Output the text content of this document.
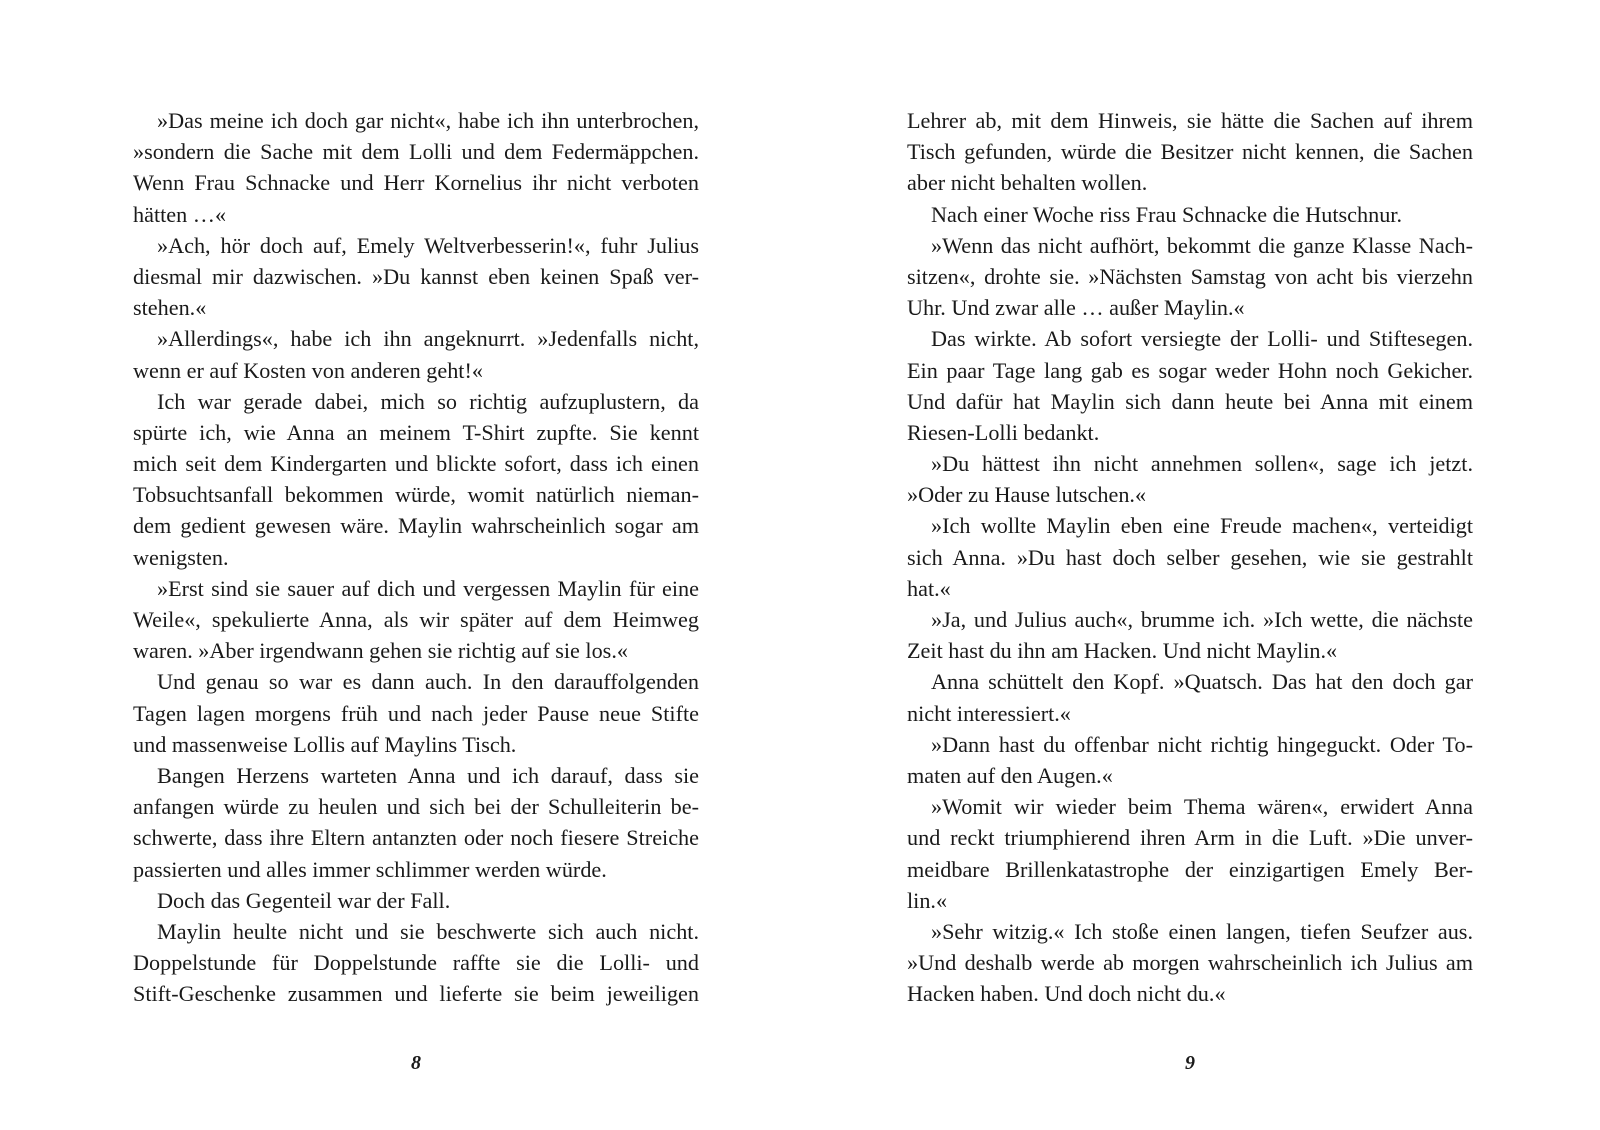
»Das meine ich doch gar nicht«, habe ich ihn unterbrochen,
»sondern die Sache mit dem Lolli und dem Federmäppchen.
Wenn Frau Schnacke und Herr Kornelius ihr nicht verboten
hätten …«
»Ach, hör doch auf, Emely Weltverbesserin!«, fuhr Julius
diesmal mir dazwischen. »Du kannst eben keinen Spaß ver-
stehen.«
»Allerdings«, habe ich ihn angeknurrt. »Jedenfalls nicht,
wenn er auf Kosten von anderen geht!«
Ich war gerade dabei, mich so richtig aufzuplustern, da
spürte ich, wie Anna an meinem T-Shirt zupfte. Sie kennt
mich seit dem Kindergarten und blickte sofort, dass ich einen
Tobsuchtsanfall bekommen würde, womit natürlich nieman-
dem gedient gewesen wäre. Maylin wahrscheinlich sogar am
wenigsten.
»Erst sind sie sauer auf dich und vergessen Maylin für eine
Weile«, spekulierte Anna, als wir später auf dem Heimweg
waren. »Aber irgendwann gehen sie richtig auf sie los.«
Und genau so war es dann auch. In den darauffolgenden
Tagen lagen morgens früh und nach jeder Pause neue Stifte
und massenweise Lollis auf Maylins Tisch.
Bangen Herzens warteten Anna und ich darauf, dass sie
anfangen würde zu heulen und sich bei der Schulleiterin be-
schwerte, dass ihre Eltern antanzten oder noch fiesere Streiche
passierten und alles immer schlimmer werden würde.
Doch das Gegenteil war der Fall.
Maylin heulte nicht und sie beschwerte sich auch nicht.
Doppelstunde für Doppelstunde raffte sie die Lolli- und
Stift-Geschenke zusammen und lieferte sie beim jeweiligen
8
Lehrer ab, mit dem Hinweis, sie hätte die Sachen auf ihrem
Tisch gefunden, würde die Besitzer nicht kennen, die Sachen
aber nicht behalten wollen.
Nach einer Woche riss Frau Schnacke die Hutschnur.
»Wenn das nicht aufhört, bekommt die ganze Klasse Nach-
sitzen«, drohte sie. »Nächsten Samstag von acht bis vierzehn
Uhr. Und zwar alle … außer Maylin.«
Das wirkte. Ab sofort versiegte der Lolli- und Stiftesegen.
Ein paar Tage lang gab es sogar weder Hohn noch Gekicher.
Und dafür hat Maylin sich dann heute bei Anna mit einem
Riesen-Lolli bedankt.
»Du hättest ihn nicht annehmen sollen«, sage ich jetzt.
»Oder zu Hause lutschen.«
»Ich wollte Maylin eben eine Freude machen«, verteidigt
sich Anna. »Du hast doch selber gesehen, wie sie gestrahlt
hat.«
»Ja, und Julius auch«, brumme ich. »Ich wette, die nächste
Zeit hast du ihn am Hacken. Und nicht Maylin.«
Anna schüttelt den Kopf. »Quatsch. Das hat den doch gar
nicht interessiert.«
»Dann hast du offenbar nicht richtig hingeguckt. Oder To-
maten auf den Augen.«
»Womit wir wieder beim Thema wären«, erwidert Anna
und reckt triumphierend ihren Arm in die Luft. »Die unver-
meidbare Brillenkatastrophe der einzigartigen Emely Ber-
lin.«
»Sehr witzig.« Ich stoße einen langen, tiefen Seufzer aus.
»Und deshalb werde ab morgen wahrscheinlich ich Julius am
Hacken haben. Und doch nicht du.«
9
